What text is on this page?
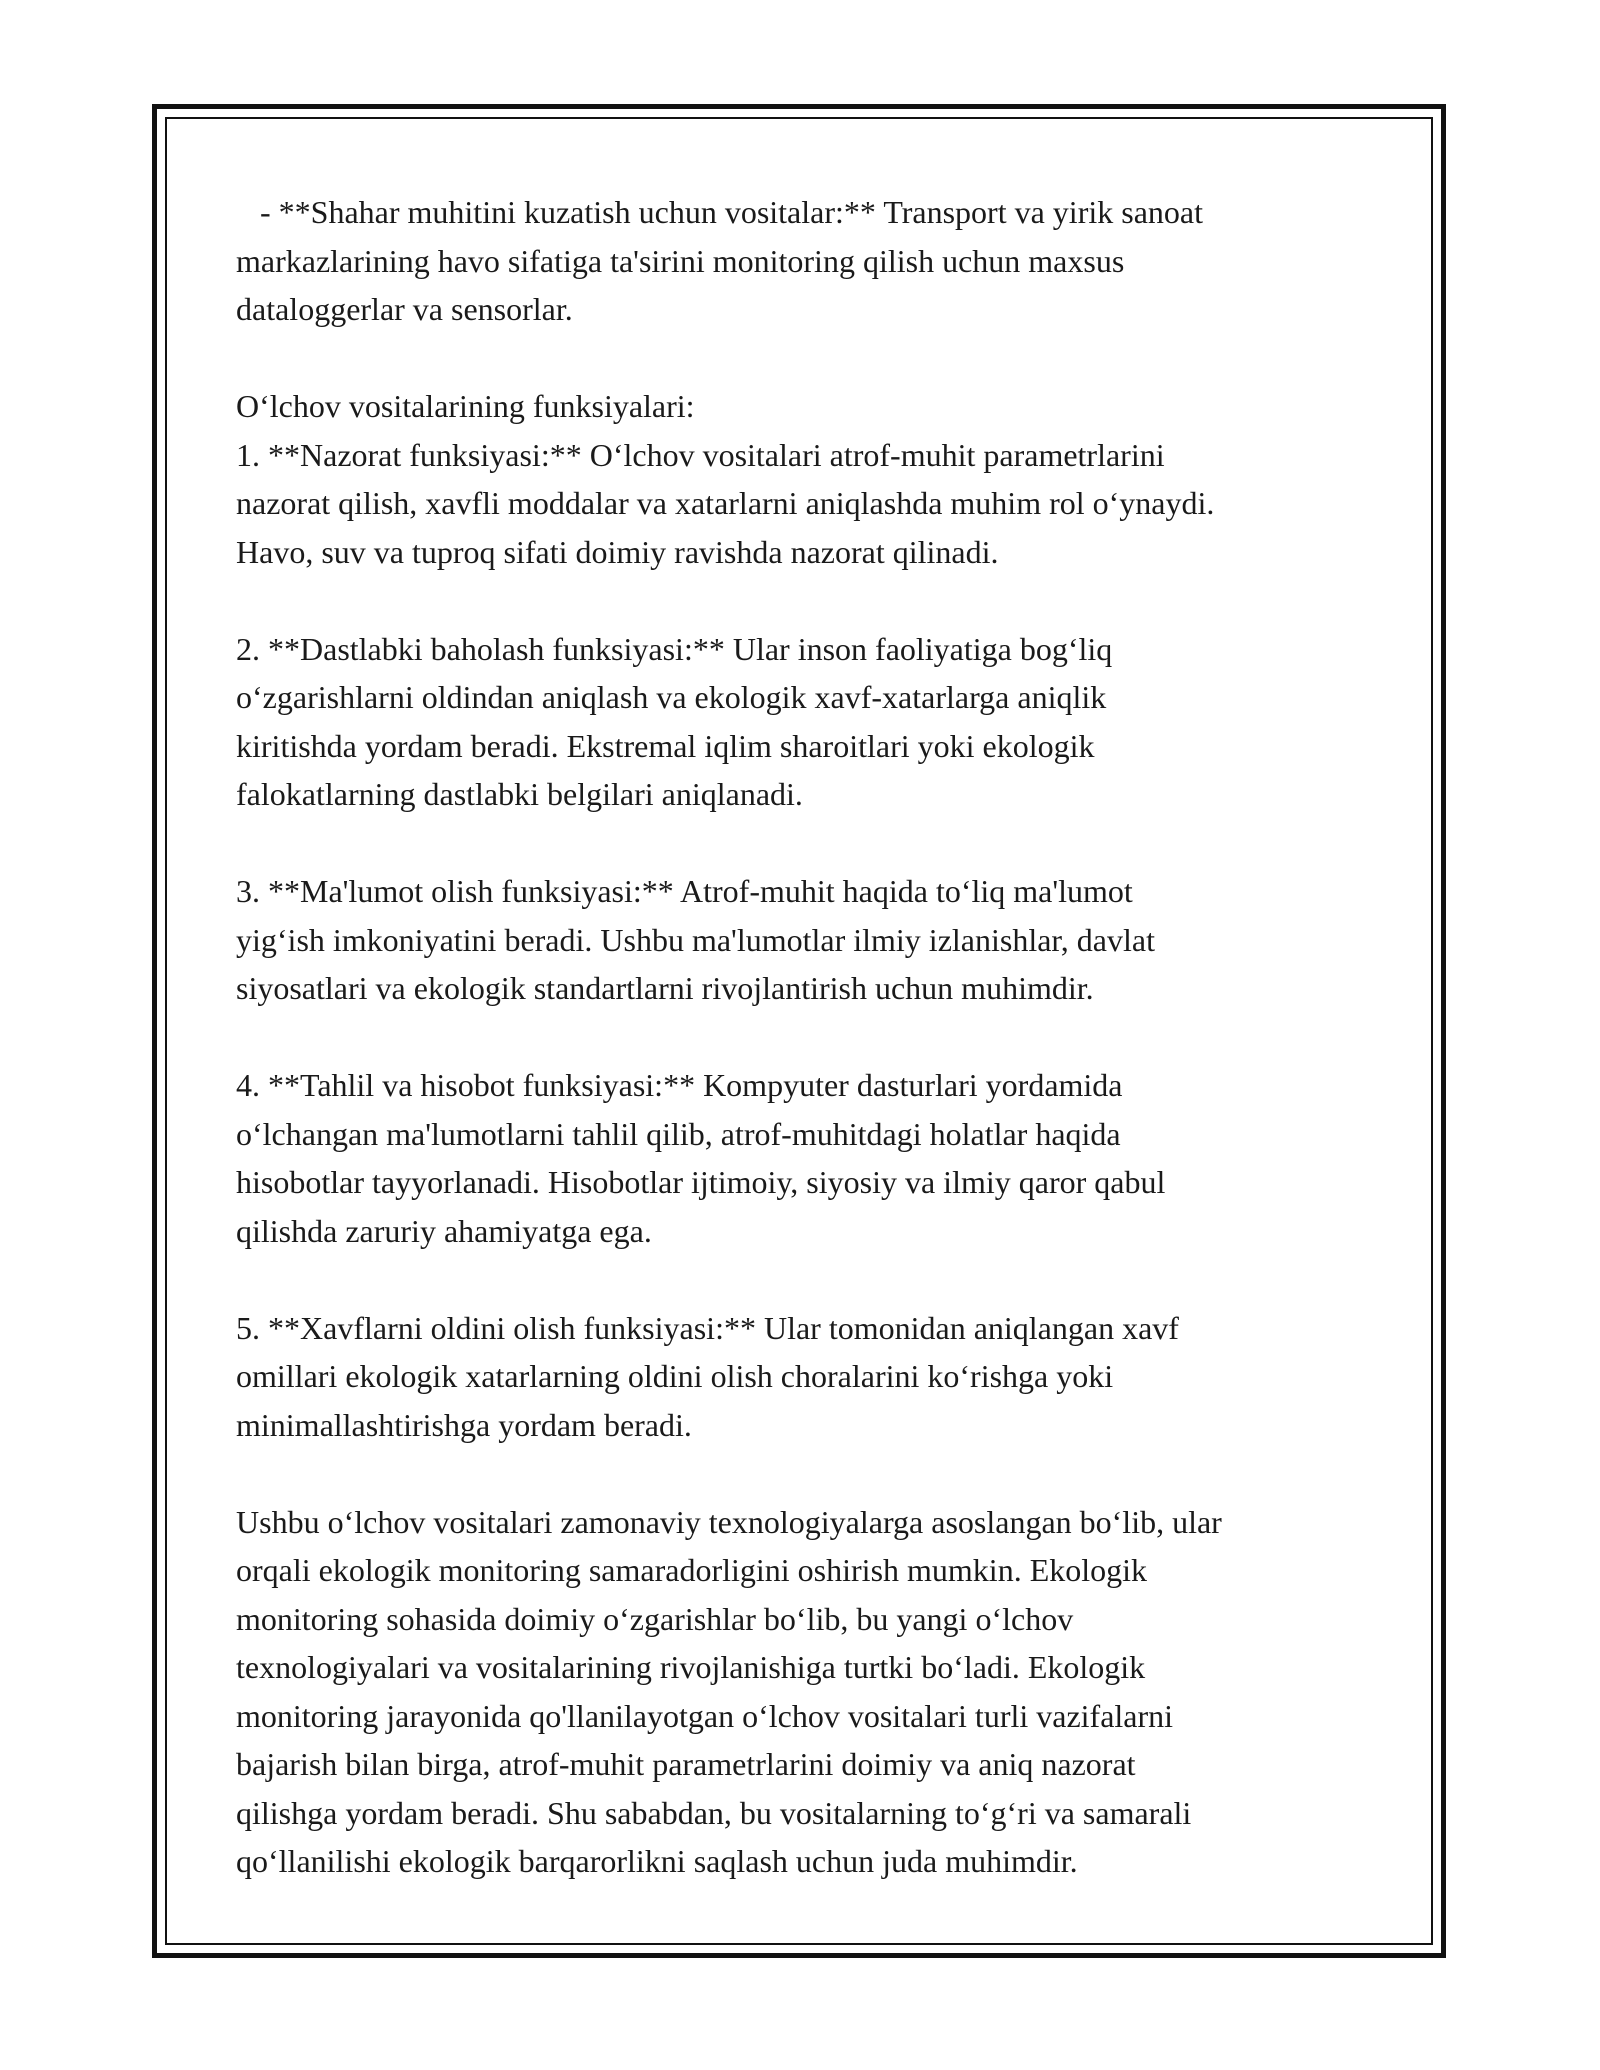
- **Shahar muhitini kuzatish uchun vositalar:** Transport va yirik sanoat
markazlarining havo sifatiga ta'sirini monitoring qilish uchun maxsus
dataloggerlar va sensorlar.
O‘lchov vositalarining funksiyalari:
1. **Nazorat funksiyasi:** O‘lchov vositalari atrof-muhit parametrlarini
nazorat qilish, xavfli moddalar va xatarlarni aniqlashda muhim rol o‘ynaydi.
Havo, suv va tuproq sifati doimiy ravishda nazorat qilinadi.
2. **Dastlabki baholash funksiyasi:** Ular inson faoliyatiga bog‘liq
o‘zgarishlarni oldindan aniqlash va ekologik xavf-xatarlarga aniqlik
kiritishda yordam beradi. Ekstremal iqlim sharoitlari yoki ekologik
falokatlarning dastlabki belgilari aniqlanadi.
3. **Ma'lumot olish funksiyasi:** Atrof-muhit haqida to‘liq ma'lumot
yig‘ish imkoniyatini beradi. Ushbu ma'lumotlar ilmiy izlanishlar, davlat
siyosatlari va ekologik standartlarni rivojlantirish uchun muhimdir.
4. **Tahlil va hisobot funksiyasi:** Kompyuter dasturlari yordamida
o‘lchangan ma'lumotlarni tahlil qilib, atrof-muhitdagi holatlar haqida
hisobotlar tayyorlanadi. Hisobotlar ijtimoiy, siyosiy va ilmiy qaror qabul
qilishda zaruriy ahamiyatga ega.
5. **Xavflarni oldini olish funksiyasi:** Ular tomonidan aniqlangan xavf
omillari ekologik xatarlarning oldini olish choralarini ko‘rishga yoki
minimallashtirishga yordam beradi.
Ushbu o‘lchov vositalari zamonaviy texnologiyalarga asoslangan bo‘lib, ular
orqali ekologik monitoring samaradorligini oshirish mumkin. Ekologik
monitoring sohasida doimiy o‘zgarishlar bo‘lib, bu yangi o‘lchov
texnologiyalari va vositalarining rivojlanishiga turtki bo‘ladi. Ekologik
monitoring jarayonida qo'llanilayotgan o‘lchov vositalari turli vazifalarni
bajarish bilan birga, atrof-muhit parametrlarini doimiy va aniq nazorat
qilishga yordam beradi. Shu sababdan, bu vositalarning to‘g‘ri va samarali
qo‘llanilishi ekologik barqarorlikni saqlash uchun juda muhimdir.
